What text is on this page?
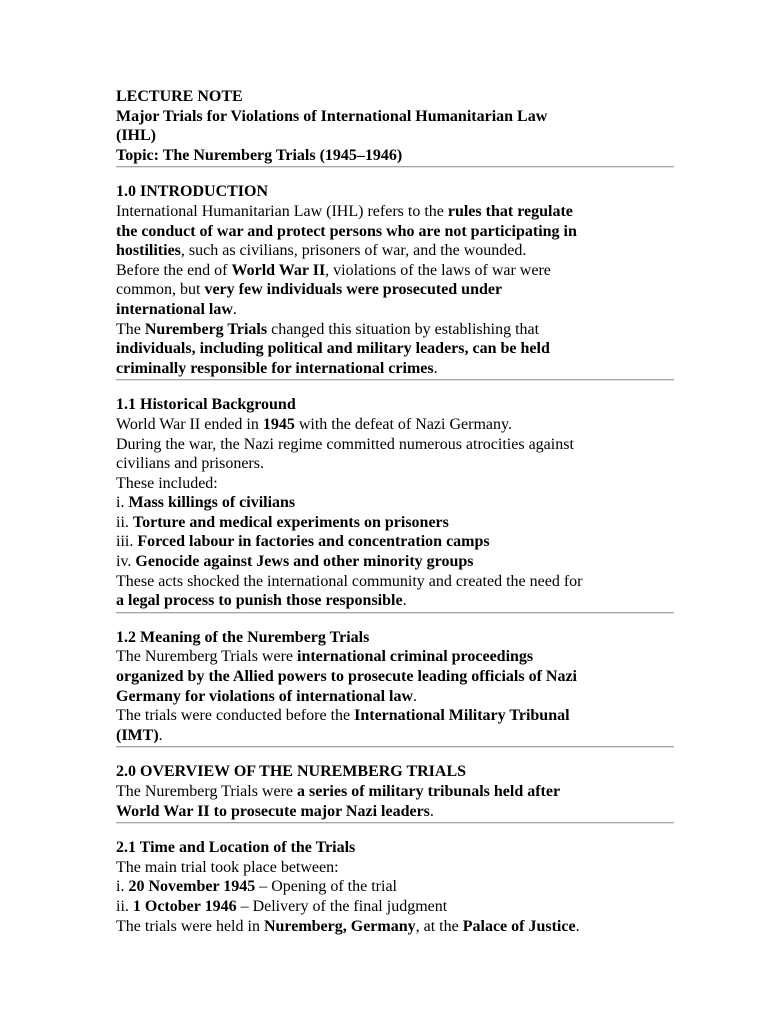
LECTURE NOTE
Major Trials for Violations of International Humanitarian Law
(IHL)
Topic: The Nuremberg Trials (1945–1946)
1.0 INTRODUCTION
International Humanitarian Law (IHL) refers to the rules that regulate
the conduct of war and protect persons who are not participating in
hostilities, such as civilians, prisoners of war, and the wounded.
Before the end of World War II, violations of the laws of war were
common, but very few individuals were prosecuted under
international law.
The Nuremberg Trials changed this situation by establishing that
individuals, including political and military leaders, can be held
criminally responsible for international crimes.
1.1 Historical Background
World War II ended in 1945 with the defeat of Nazi Germany.
During the war, the Nazi regime committed numerous atrocities against
civilians and prisoners.
These included:
i. Mass killings of civilians
ii. Torture and medical experiments on prisoners
iii. Forced labour in factories and concentration camps
iv. Genocide against Jews and other minority groups
These acts shocked the international community and created the need for
a legal process to punish those responsible.
1.2 Meaning of the Nuremberg Trials
The Nuremberg Trials were international criminal proceedings
organized by the Allied powers to prosecute leading officials of Nazi
Germany for violations of international law.
The trials were conducted before the International Military Tribunal
(IMT).
2.0 OVERVIEW OF THE NUREMBERG TRIALS
The Nuremberg Trials were a series of military tribunals held after
World War II to prosecute major Nazi leaders.
2.1 Time and Location of the Trials
The main trial took place between:
i. 20 November 1945 – Opening of the trial
ii. 1 October 1946 – Delivery of the final judgment
The trials were held in Nuremberg, Germany, at the Palace of Justice.
